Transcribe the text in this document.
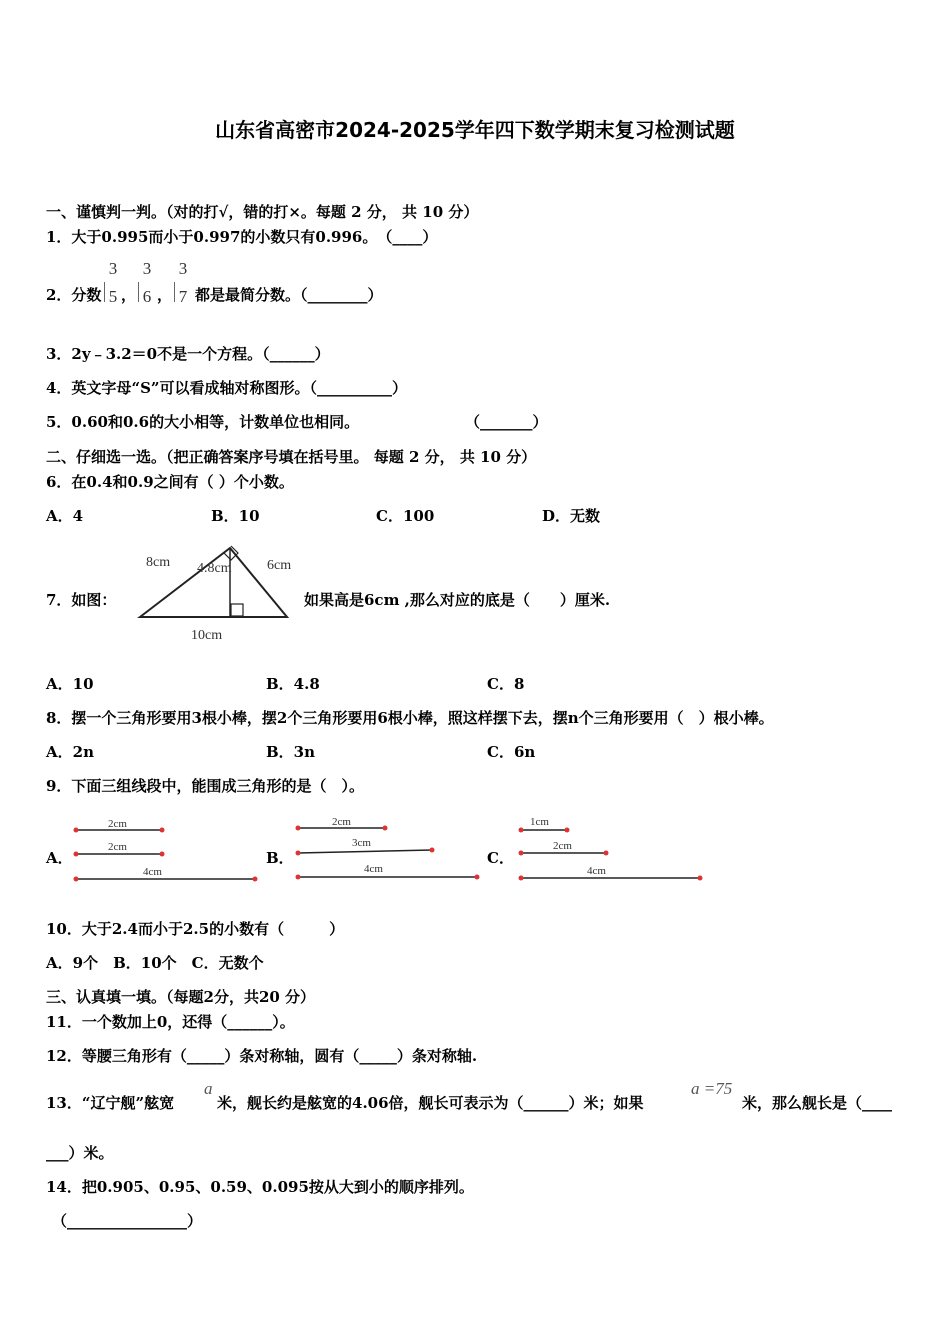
山东省高密市2024-2025学年四下数学期末复习检测试题
一、谨慎判一判。（对的打√，错的打×。每题 2 分， 共 10 分）
1．大于0.995而小于0.997的小数只有0.996。　（____）
2．分数
3
5 ，
3
6 ，
3
7 都是最简分数。（________）
3．2y﹣3.2＝0不是一个方程。（______）
4．英文字母“S”可以看成轴对称图形。（__________）
5．0.60和0.6的大小相等，计数单位也相同。	（_______）
二、仔细选一选。（把正确答案序号填在括号里。 每题 2 分， 共 10 分）
6．在0.4和0.9之间有（ ）个小数。
A．4	B．10	C．100	D．无数
7．如图：
8cm 4.8cm	6cm
10cm
如果高是6cm ,那么对应的底是（　　）厘米.
A．10	B．4.8	C．8
8．摆一个三角形要用3根小棒，摆2个三角形要用6根小棒，照这样摆下去，摆n个三角形要用（　）根小棒。
A．2n	B．3n	C．6n
9．下面三组线段中，能围成三角形的是（　）。
A．	B．	C．
2cm
2cm
4cm
2cm
3cm
4cm
1cm
2cm
4cm
10．大于2.4而小于2.5的小数有（　　　）
A．9个　B．10个　C．无数个
三、认真填一填。（每题2分，共20 分）
11．一个数加上0，还得（______）。
12．等腰三角形有（_____）条对称轴，圆有（_____）条对称轴.
13．“辽宁舰”舷宽
a
米，舰长约是舷宽的4.06倍，舰长可表示为（______）米；如果
a =75
米，那么舰长是（____
___）米。
14．把0.905、0.95、0.59、0.095按从大到小的顺序排列。
（________________）
